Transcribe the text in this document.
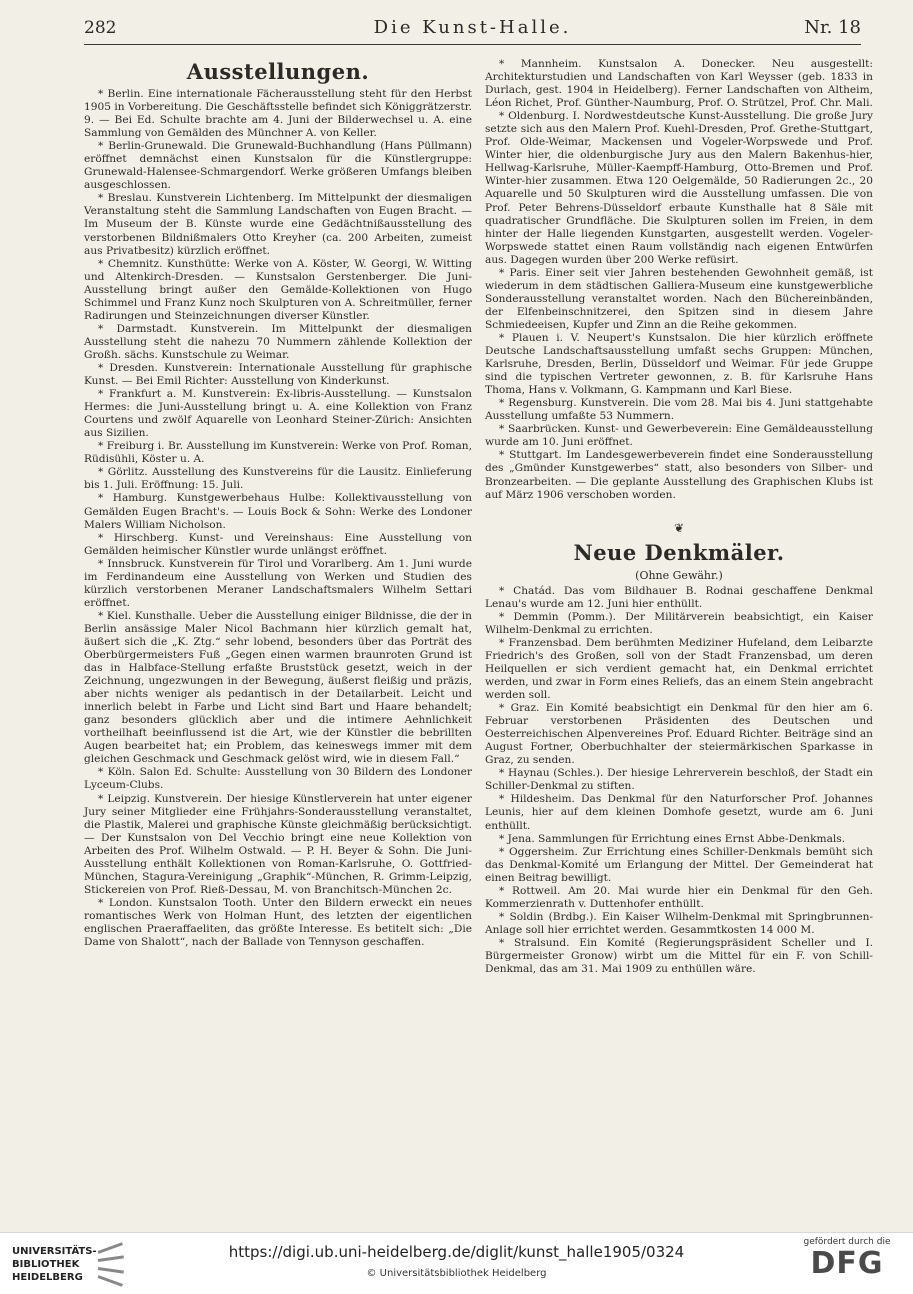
282	Die Kunst-Halle.	Nr. 18
Ausstellungen.

* Berlin. Eine internationale Fächerausstellung steht für den Herbst 1905 in Vorbereitung. Die Geschäftsstelle befindet sich Königgrätzerstr. 9. — Bei Ed. Schulte brachte am 4. Juni der Bilderwechsel u. A. eine Sammlung von Gemälden des Münchner A. von Keller.

* Berlin-Grunewald. Die Grunewald-Buchhandlung (Hans Püllmann) eröffnet demnächst einen Kunstsalon für die Künstlergruppe: Grunewald-Halensee-Schmargendorf. Werke größeren Umfangs bleiben ausgeschlossen.

* Breslau. Kunstverein Lichtenberg. Im Mittelpunkt der diesmaligen Veranstaltung steht die Sammlung Landschaften von Eugen Bracht. — Im Museum der B. Künste wurde eine Gedächtnißausstellung des verstorbenen Bildnißmalers Otto Kreyher (ca. 200 Arbeiten, zumeist aus Privatbesitz) kürzlich eröffnet.

* Chemnitz. Kunsthütte: Werke von A. Köster, W. Georgi, W. Witting und Altenkirch-Dresden. — Kunstsalon Gerstenberger. Die Juni-Ausstellung bringt außer den Gemälde-Kollektionen von Hugo Schimmel und Franz Kunz noch Skulpturen von A. Schreitmüller, ferner Radirungen und Steinzeichnungen diverser Künstler.

* Darmstadt. Kunstverein. Im Mittelpunkt der diesmaligen Ausstellung steht die nahezu 70 Nummern zählende Kollektion der Großh. sächs. Kunstschule zu Weimar.

* Dresden. Kunstverein: Internationale Ausstellung für graphische Kunst. — Bei Emil Richter: Ausstellung von Kinderkunst.

* Frankfurt a. M. Kunstverein: Ex-libris-Ausstellung. — Kunstsalon Hermes: die Juni-Ausstellung bringt u. A. eine Kollektion von Franz Courtens und zwölf Aquarelle von Leonhard Steiner-Zürich: Ansichten aus Sizilien.

* Freiburg i. Br. Ausstellung im Kunstverein: Werke von Prof. Roman, Rüdisühli, Köster u. A.

* Görlitz. Ausstellung des Kunstvereins für die Lausitz. Einlieferung bis 1. Juli. Eröffnung: 15. Juli.

* Hamburg. Kunstgewerbehaus Hulbe: Kollektivausstellung von Gemälden Eugen Bracht's. — Louis Bock & Sohn: Werke des Londoner Malers William Nicholson.

* Hirschberg. Kunst- und Vereinshaus: Eine Ausstellung von Gemälden heimischer Künstler wurde unlängst eröffnet.

* Innsbruck. Kunstverein für Tirol und Vorarlberg. Am 1. Juni wurde im Ferdinandeum eine Ausstellung von Werken und Studien des kürzlich verstorbenen Meraner Landschaftsmalers Wilhelm Settari eröffnet.

* Kiel. Kunsthalle. Ueber die Ausstellung einiger Bildnisse, die der in Berlin ansässige Maler Nicol Bachmann hier kürzlich gemalt hat, äußert sich die „K. Ztg.“ sehr lobend, besonders über das Porträt des Oberbürgermeisters Fuß „Gegen einen warmen braunroten Grund ist das in Halbface-Stellung erfaßte Bruststück gesetzt, weich in der Zeichnung, ungezwungen in der Bewegung, äußerst fleißig und präzis, aber nichts weniger als pedantisch in der Detailarbeit. Leicht und innerlich belebt in Farbe und Licht sind Bart und Haare behandelt; ganz besonders glücklich aber und die intimere Aehnlichkeit vortheilhaft beeinflussend ist die Art, wie der Künstler die bebrillten Augen bearbeitet hat; ein Problem, das keineswegs immer mit dem gleichen Geschmack und Geschmack gelöst wird, wie in diesem Fall.“

* Köln. Salon Ed. Schulte: Ausstellung von 30 Bildern des Londoner Lyceum-Clubs.

* Leipzig. Kunstverein. Der hiesige Künstlerverein hat unter eigener Jury seiner Mitglieder eine Frühjahrs-Sonderausstellung veranstaltet, die Plastik, Malerei und graphische Künste gleichmäßig berücksichtigt. — Der Kunstsalon von Del Vecchio bringt eine neue Kollektion von Arbeiten des Prof. Wilhelm Ostwald. — P. H. Beyer & Sohn. Die Juni-Ausstellung enthält Kollektionen von Roman-Karlsruhe, O. Gottfried-München, Stagura-Vereinigung „Graphik“-München, R. Grimm-Leipzig, Stickereien von Prof. Rieß-Dessau, M. von Branchitsch-München 2c.

* London. Kunstsalon Tooth. Unter den Bildern erweckt ein neues romantisches Werk von Holman Hunt, des letzten der eigentlichen englischen Praeraffaeliten, das größte Interesse. Es betitelt sich: „Die Dame von Shalott“, nach der Ballade von Tennyson geschaffen.

* Mannheim. Kunstsalon A. Donecker. Neu ausgestellt: Architekturstudien und Landschaften von Karl Weysser (geb. 1833 in Durlach, gest. 1904 in Heidelberg). Ferner Landschaften von Altheim, Léon Richet, Prof. Günther-Naumburg, Prof. O. Strützel, Prof. Chr. Mali.

* Oldenburg. I. Nordwestdeutsche Kunst-Ausstellung. Die große Jury setzte sich aus den Malern Prof. Kuehl-Dresden, Prof. Grethe-Stuttgart, Prof. Olde-Weimar, Mackensen und Vogeler-Worpswede und Prof. Winter hier, die oldenburgische Jury aus den Malern Bakenhus-hier, Hellwag-Karlsruhe, Müller-Kaempff-Hamburg, Otto-Bremen und Prof. Winter-hier zusammen. Etwa 120 Oelgemälde, 50 Radierungen 2c., 20 Aquarelle und 50 Skulpturen wird die Ausstellung umfassen. Die von Prof. Peter Behrens-Düsseldorf erbaute Kunsthalle hat 8 Säle mit quadratischer Grundfläche. Die Skulpturen sollen im Freien, in dem hinter der Halle liegenden Kunstgarten, ausgestellt werden. Vogeler-Worpswede stattet einen Raum vollständig nach eigenen Entwürfen aus. Dagegen wurden über 200 Werke refüsirt.

* Paris. Einer seit vier Jahren bestehenden Gewohnheit gemäß, ist wiederum in dem städtischen Galliera-Museum eine kunstgewerbliche Sonderausstellung veranstaltet worden. Nach den Büchereinbänden, der Elfenbeinschnitzerei, den Spitzen sind in diesem Jahre Schmiedeeisen, Kupfer und Zinn an die Reihe gekommen.

* Plauen i. V. Neupert's Kunstsalon. Die hier kürzlich eröffnete Deutsche Landschaftsausstellung umfaßt sechs Gruppen: München, Karlsruhe, Dresden, Berlin, Düsseldorf und Weimar. Für jede Gruppe sind die typischen Vertreter gewonnen, z. B. für Karlsruhe Hans Thoma, Hans v. Volkmann, G. Kampmann und Karl Biese.

* Regensburg. Kunstverein. Die vom 28. Mai bis 4. Juni stattgehabte Ausstellung umfaßte 53 Nummern.

* Saarbrücken. Kunst- und Gewerbeverein: Eine Gemäldeausstellung wurde am 10. Juni eröffnet.

* Stuttgart. Im Landesgewerbeverein findet eine Sonderausstellung des „Gmünder Kunstgewerbes“ statt, also besonders von Silber- und Bronzearbeiten. — Die geplante Ausstellung des Graphischen Klubs ist auf März 1906 verschoben worden.

❦
Neue Denkmäler.
(Ohne Gewähr.)

* Chatád. Das vom Bildhauer B. Rodnai geschaffene Denkmal Lenau's wurde am 12. Juni hier enthüllt.

* Demmin (Pomm.). Der Militärverein beabsichtigt, ein Kaiser Wilhelm-Denkmal zu errichten.

* Franzensbad. Dem berühmten Mediziner Hufeland, dem Leibarzte Friedrich's des Großen, soll von der Stadt Franzensbad, um deren Heilquellen er sich verdient gemacht hat, ein Denkmal errichtet werden, und zwar in Form eines Reliefs, das an einem Stein angebracht werden soll.

* Graz. Ein Komité beabsichtigt ein Denkmal für den hier am 6. Februar verstorbenen Präsidenten des Deutschen und Oesterreichischen Alpenvereines Prof. Eduard Richter. Beiträge sind an August Fortner, Oberbuchhalter der steiermärkischen Sparkasse in Graz, zu senden.

* Haynau (Schles.). Der hiesige Lehrerverein beschloß, der Stadt ein Schiller-Denkmal zu stiften.

* Hildesheim. Das Denkmal für den Naturforscher Prof. Johannes Leunis, hier auf dem kleinen Domhofe gesetzt, wurde am 6. Juni enthüllt.

* Jena. Sammlungen für Errichtung eines Ernst Abbe-Denkmals.

* Oggersheim. Zur Errichtung eines Schiller-Denkmals bemüht sich das Denkmal-Komité um Erlangung der Mittel. Der Gemeinderat hat einen Beitrag bewilligt.

* Rottweil. Am 20. Mai wurde hier ein Denkmal für den Geh. Kommerzienrath v. Duttenhofer enthüllt.

* Soldin (Brdbg.). Ein Kaiser Wilhelm-Denkmal mit Springbrunnen-Anlage soll hier errichtet werden. Gesammtkosten 14 000 M.

* Stralsund. Ein Komité (Regierungspräsident Scheller und I. Bürgermeister Gronow) wirbt um die Mittel für ein F. von Schill-Denkmal, das am 31. Mai 1909 zu enthüllen wäre.

UNIVERSITÄTS-
BIBLIOTHEK
HEIDELBERG
https://digi.ub.uni-heidelberg.de/diglit/kunst_halle1905/0324
© Universitätsbibliothek Heidelberg
gefördert durch die
DFG
